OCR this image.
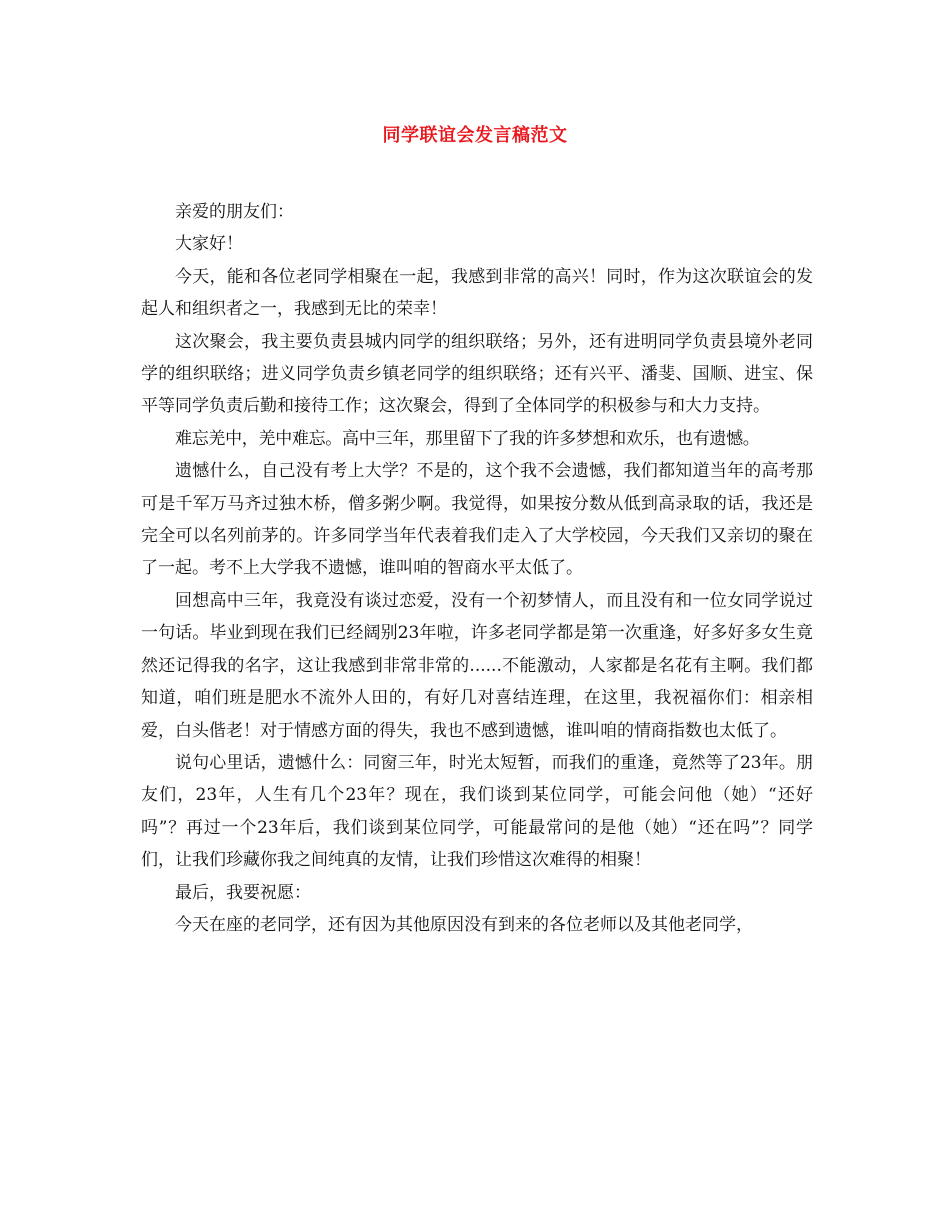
同学联谊会发言稿范文

亲爱的朋友们：

大家好！

今天，能和各位老同学相聚在一起，我感到非常的高兴！同时，作为这次联谊会的发起人和组织者之一，我感到无比的荣幸！

这次聚会，我主要负责县城内同学的组织联络；另外，还有进明同学负责县境外老同学的组织联络；进义同学负责乡镇老同学的组织联络；还有兴平、潘斐、国顺、进宝、保平等同学负责后勤和接待工作；这次聚会，得到了全体同学的积极参与和大力支持。

难忘羌中，羌中难忘。高中三年，那里留下了我的许多梦想和欢乐，也有遗憾。

遗憾什么，自己没有考上大学？不是的，这个我不会遗憾，我们都知道当年的高考那可是千军万马齐过独木桥，僧多粥少啊。我觉得，如果按分数从低到高录取的话，我还是完全可以名列前茅的。许多同学当年代表着我们走入了大学校园，今天我们又亲切的聚在了一起。考不上大学我不遗憾，谁叫咱的智商水平太低了。

回想高中三年，我竟没有谈过恋爱，没有一个初梦情人，而且没有和一位女同学说过一句话。毕业到现在我们已经阔别23年啦，许多老同学都是第一次重逢，好多好多女生竟然还记得我的名字，这让我感到非常非常的......不能激动，人家都是名花有主啊。我们都知道，咱们班是肥水不流外人田的，有好几对喜结连理，在这里，我祝福你们：相亲相爱，白头偕老！对于情感方面的得失，我也不感到遗憾，谁叫咱的情商指数也太低了。

说句心里话，遗憾什么：同窗三年，时光太短暂，而我们的重逢，竟然等了23年。朋友们，23年，人生有几个23年？现在，我们谈到某位同学，可能会问他（她）“还好吗”？再过一个23年后，我们谈到某位同学，可能最常问的是他（她）“还在吗”？同学们，让我们珍藏你我之间纯真的友情，让我们珍惜这次难得的相聚！

最后，我要祝愿：

今天在座的老同学，还有因为其他原因没有到来的各位老师以及其他老同学，
